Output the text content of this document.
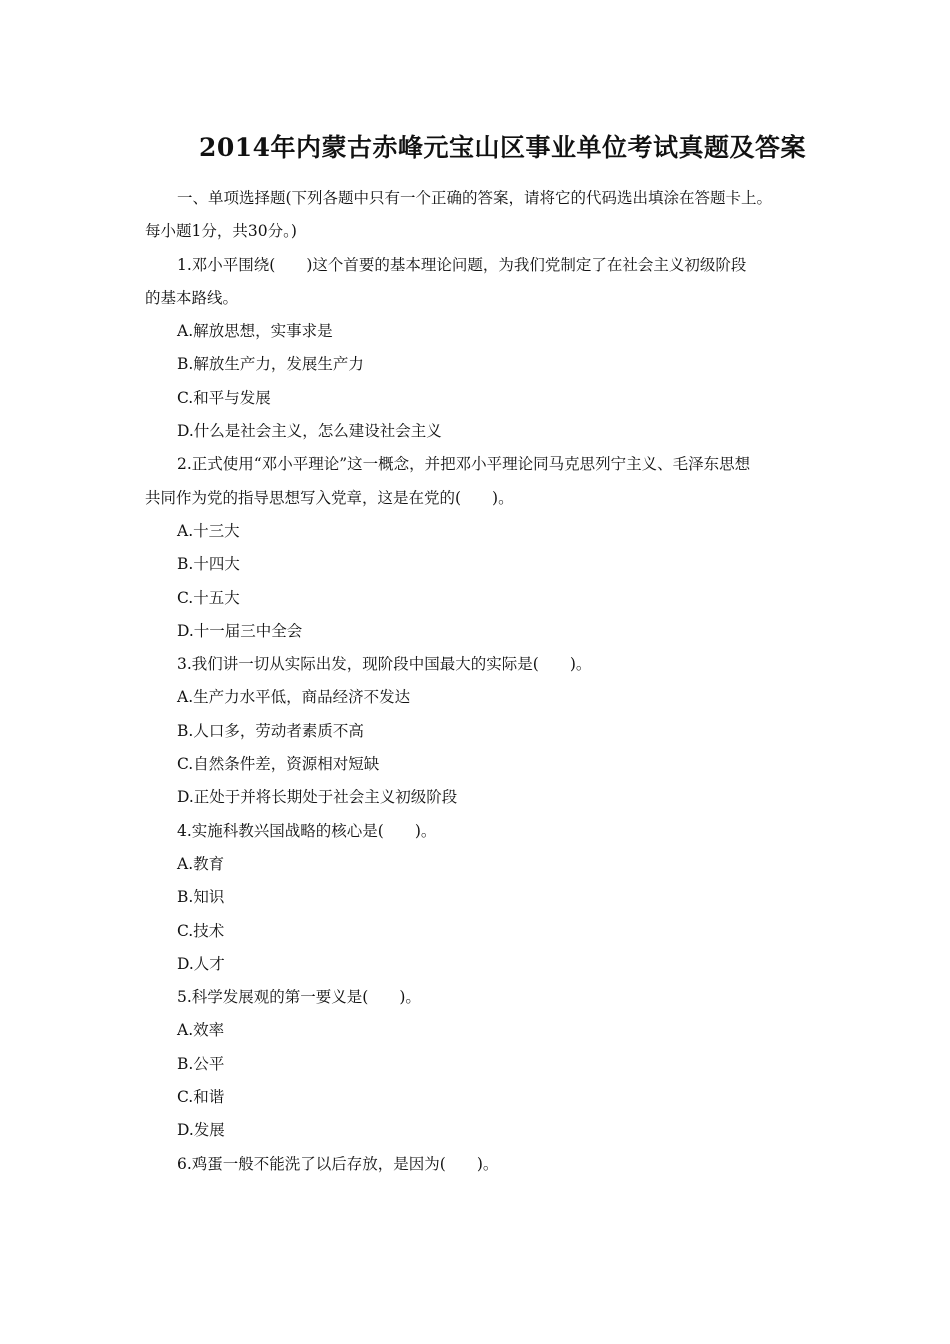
2014年内蒙古赤峰元宝山区事业单位考试真题及答案
一、单项选择题(下列各题中只有一个正确的答案，请将它的代码选出填涂在答题卡上。
每小题1分，共30分。)
1.邓小平围绕(　　)这个首要的基本理论问题，为我们党制定了在社会主义初级阶段
的基本路线。
A.解放思想，实事求是
B.解放生产力，发展生产力
C.和平与发展
D.什么是社会主义，怎么建设社会主义
2.正式使用“邓小平理论”这一概念，并把邓小平理论同马克思列宁主义、毛泽东思想
共同作为党的指导思想写入党章，这是在党的(　　)。
A.十三大
B.十四大
C.十五大
D.十一届三中全会
3.我们讲一切从实际出发，现阶段中国最大的实际是(　　)。
A.生产力水平低，商品经济不发达
B.人口多，劳动者素质不高
C.自然条件差，资源相对短缺
D.正处于并将长期处于社会主义初级阶段
4.实施科教兴国战略的核心是(　　)。
A.教育
B.知识
C.技术
D.人才
5.科学发展观的第一要义是(　　)。
A.效率
B.公平
C.和谐
D.发展
6.鸡蛋一般不能洗了以后存放，是因为(　　)。
